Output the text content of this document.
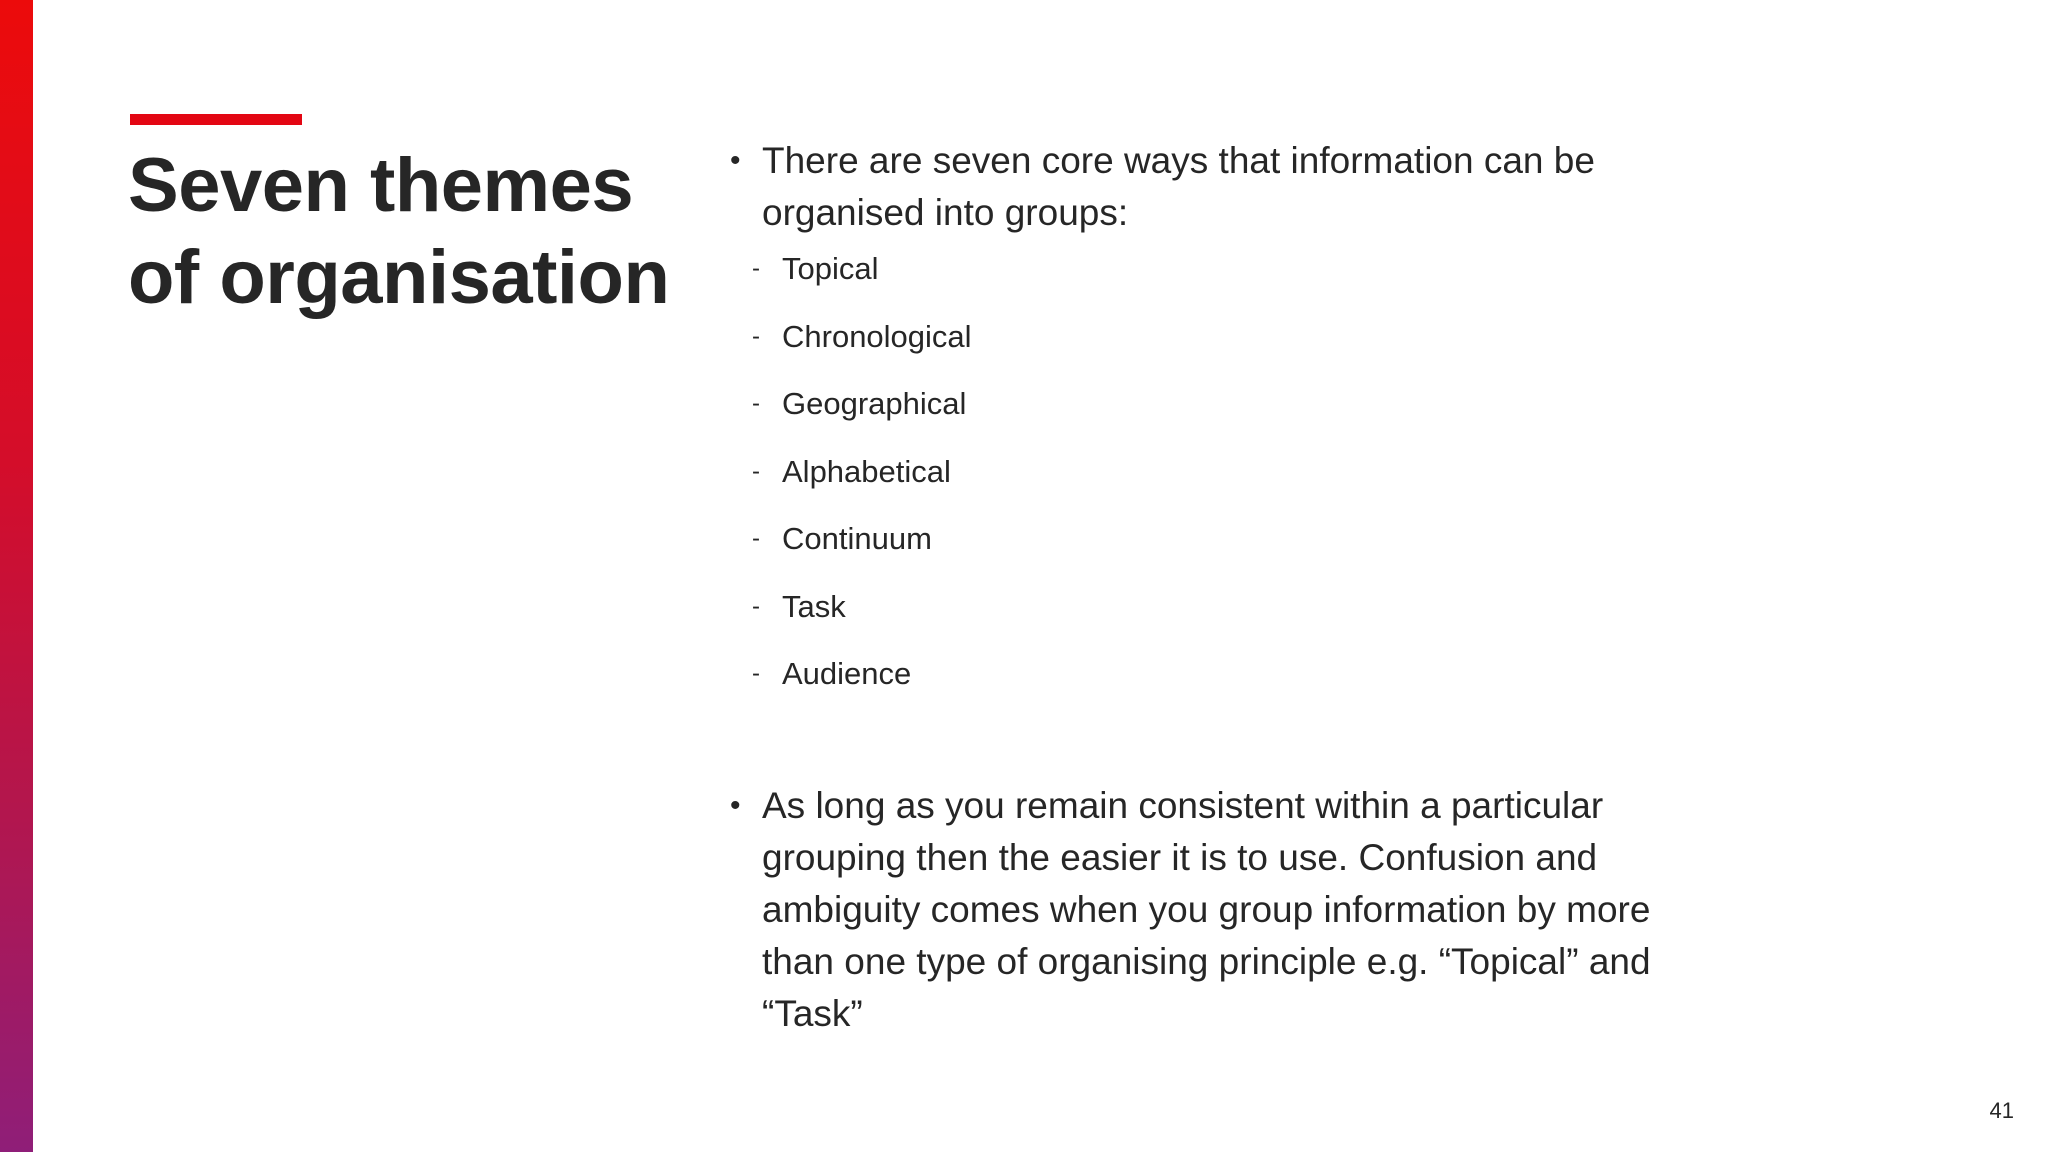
Seven themes of organisation
• There are seven core ways that information can be organised into groups:
- Topical
- Chronological
- Geographical
- Alphabetical
- Continuum
- Task
- Audience
• As long as you remain consistent within a particular grouping then the easier it is to use. Confusion and ambiguity comes when you group information by more than one type of organising principle e.g. “Topical” and “Task”
41
